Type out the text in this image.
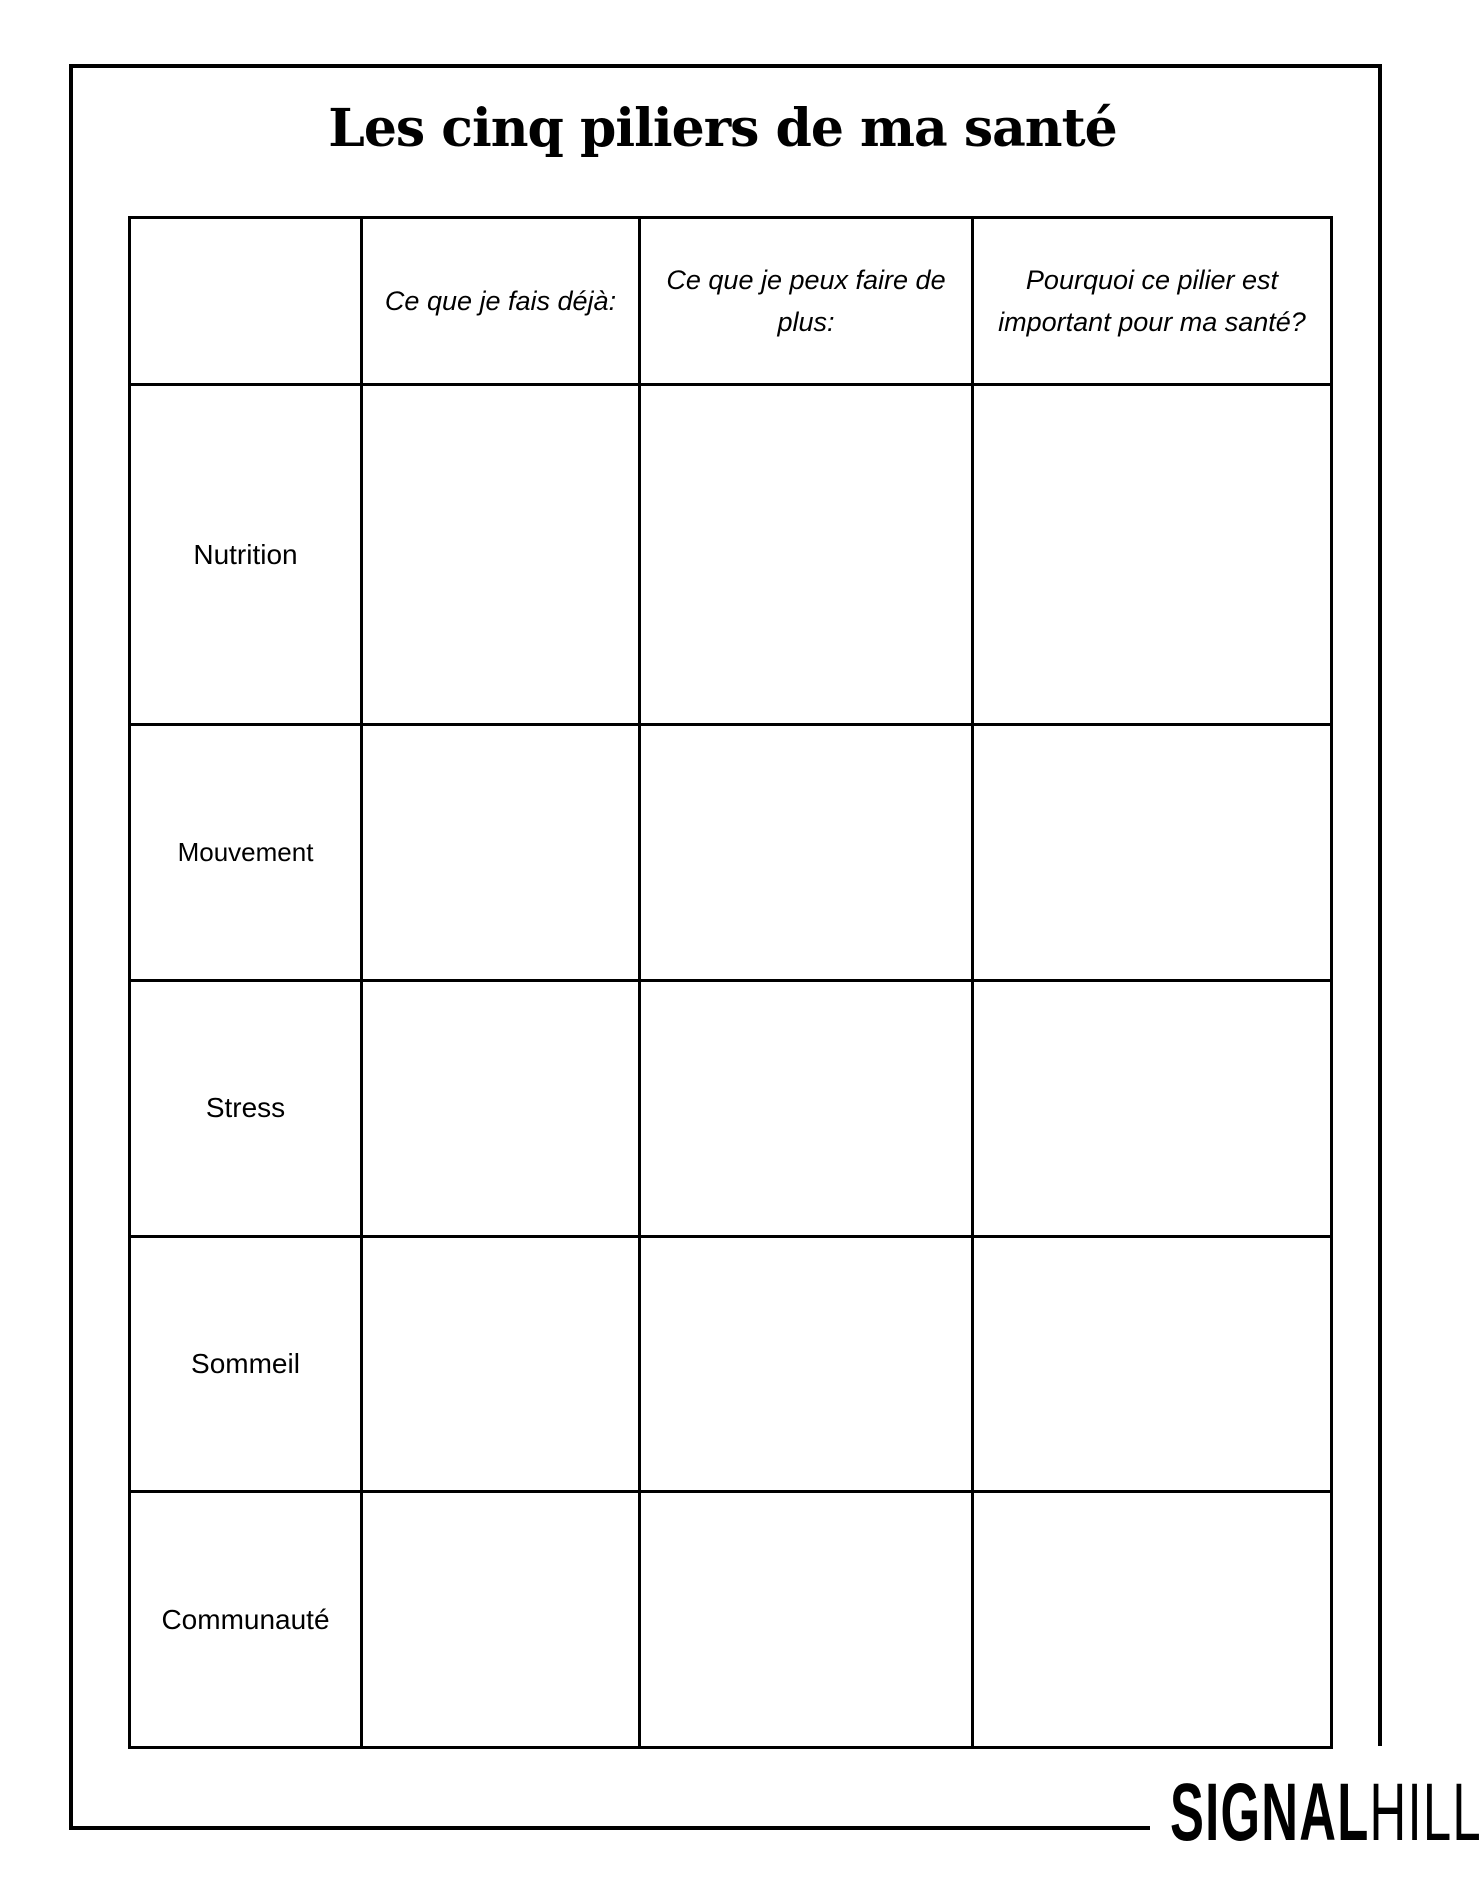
Les cinq piliers de ma santé
	Ce que je fais déjà:	Ce que je peux faire de plus:	Pourquoi ce pilier est important pour ma santé?
Nutrition			
Mouvement			
Stress			
Sommeil			
Communauté			
SIGNALHILL
